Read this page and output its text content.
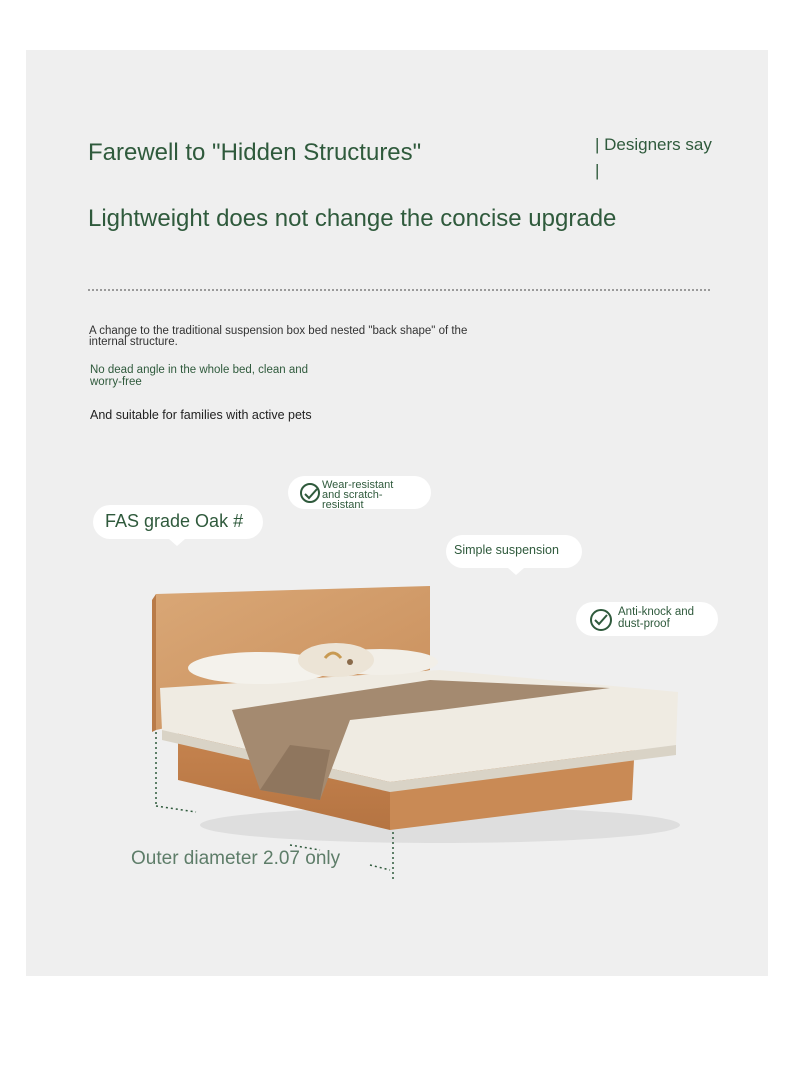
Farewell to "Hidden Structures"
Lightweight does not change the concise upgrade
| Designers say
|
A change to the traditional suspension box bed nested "back shape" of the
internal structure.
No dead angle in the whole bed, clean and
worry-free
And suitable for families with active pets
Wear-resistant
and scratch-
resistant
FAS grade Oak #
Simple suspension
Anti-knock and
dust-proof
Outer diameter 2.07 only
